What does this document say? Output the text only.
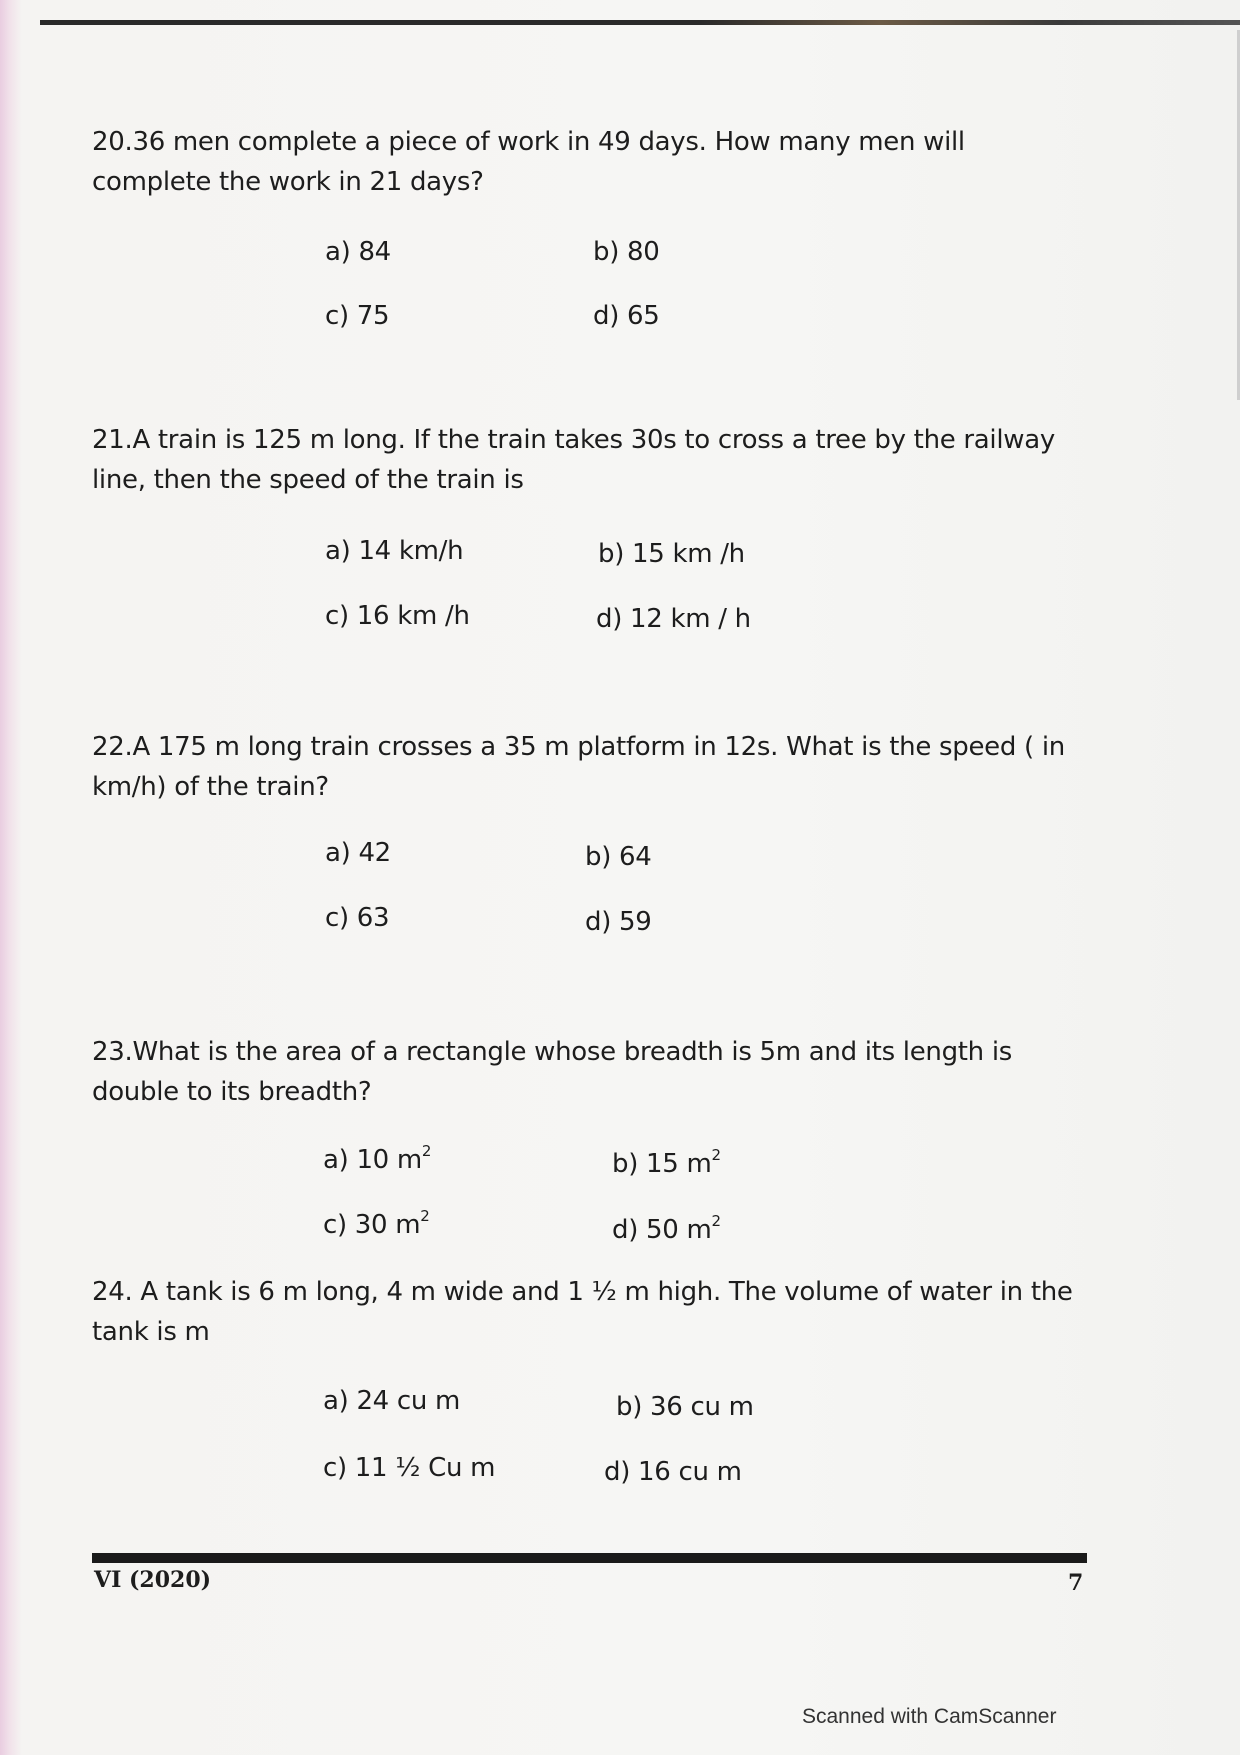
20.36 men complete a piece of work in 49 days. How many men will complete the work in 21 days?
a) 84	b) 80
c) 75	d) 65
21.A train is 125 m long. If the train takes 30s to cross a tree by the railway line, then the speed of the train is
a) 14 km/h	b) 15 km /h
c) 16 km /h	d) 12 km / h
22.A 175 m long train crosses a 35 m platform in 12s. What is the speed ( in km/h) of the train?
a) 42	b) 64
c) 63	d) 59
23.What is the area of a rectangle whose breadth is 5m and its length is double to its breadth?
a) 10 $m^2$	b) 15 $m^2$
c) 30 $m^2$	d) 50 $m^2$
24. A tank is 6 m long, 4 m wide and 1 ½ m high. The volume of water in the tank is m
a) 24 cu m	b) 36 cu m
c) 11 ½ Cu m	d) 16 cu m
VI (2020)	7
Scanned with CamScanner
